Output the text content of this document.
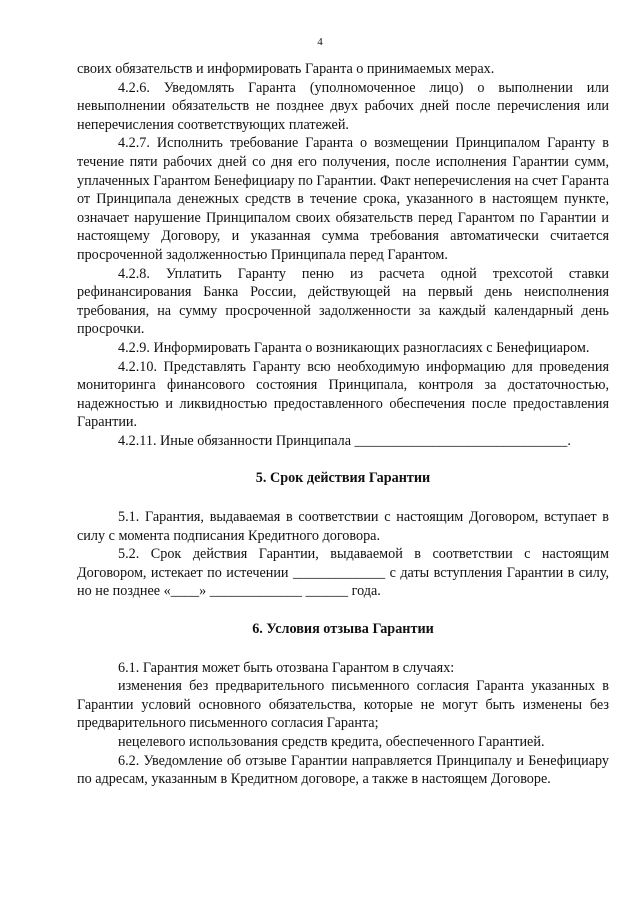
4

своих обязательств и информировать Гаранта о принимаемых мерах.

4.2.6. Уведомлять Гаранта (уполномоченное лицо) о выполнении или невыполнении обязательств не позднее двух рабочих дней после перечисления или неперечисления соответствующих платежей.

4.2.7. Исполнить требование Гаранта о возмещении Принципалом Гаранту в течение пяти рабочих дней со дня его получения, после исполнения Гарантии сумм, уплаченных Гарантом Бенефициару по Гарантии. Факт неперечисления на счет Гаранта от Принципала денежных средств в течение срока, указанного в настоящем пункте, означает нарушение Принципалом своих обязательств перед Гарантом по Гарантии и настоящему Договору, и указанная сумма требования автоматически считается просроченной задолженностью Принципала перед Гарантом.

4.2.8. Уплатить Гаранту пеню из расчета одной трехсотой ставки рефинансирования Банка России, действующей на первый день неисполнения требования, на сумму просроченной задолженности за каждый календарный день просрочки.

4.2.9. Информировать Гаранта о возникающих разногласиях с Бенефициаром.

4.2.10. Представлять Гаранту всю необходимую информацию для проведения мониторинга финансового состояния Принципала, контроля за достаточностью, надежностью и ликвидностью предоставленного обеспечения после предоставления Гарантии.

4.2.11. Иные обязанности Принципала ______________________________.

5. Срок действия Гарантии

5.1. Гарантия, выдаваемая в соответствии с настоящим Договором, вступает в силу с момента подписания Кредитного договора.

5.2. Срок действия Гарантии, выдаваемой в соответствии с настоящим Договором, истекает по истечении _____________ с даты вступления Гарантии в силу, но не позднее «____» _____________ ______ года.

6. Условия отзыва Гарантии

6.1. Гарантия может быть отозвана Гарантом в случаях:

изменения без предварительного письменного согласия Гаранта указанных в Гарантии условий основного обязательства, которые не могут быть изменены без предварительного письменного согласия Гаранта;

нецелевого использования средств кредита, обеспеченного Гарантией.

6.2. Уведомление об отзыве Гарантии направляется Принципалу и Бенефициару по адресам, указанным в Кредитном договоре, а также в настоящем Договоре.
